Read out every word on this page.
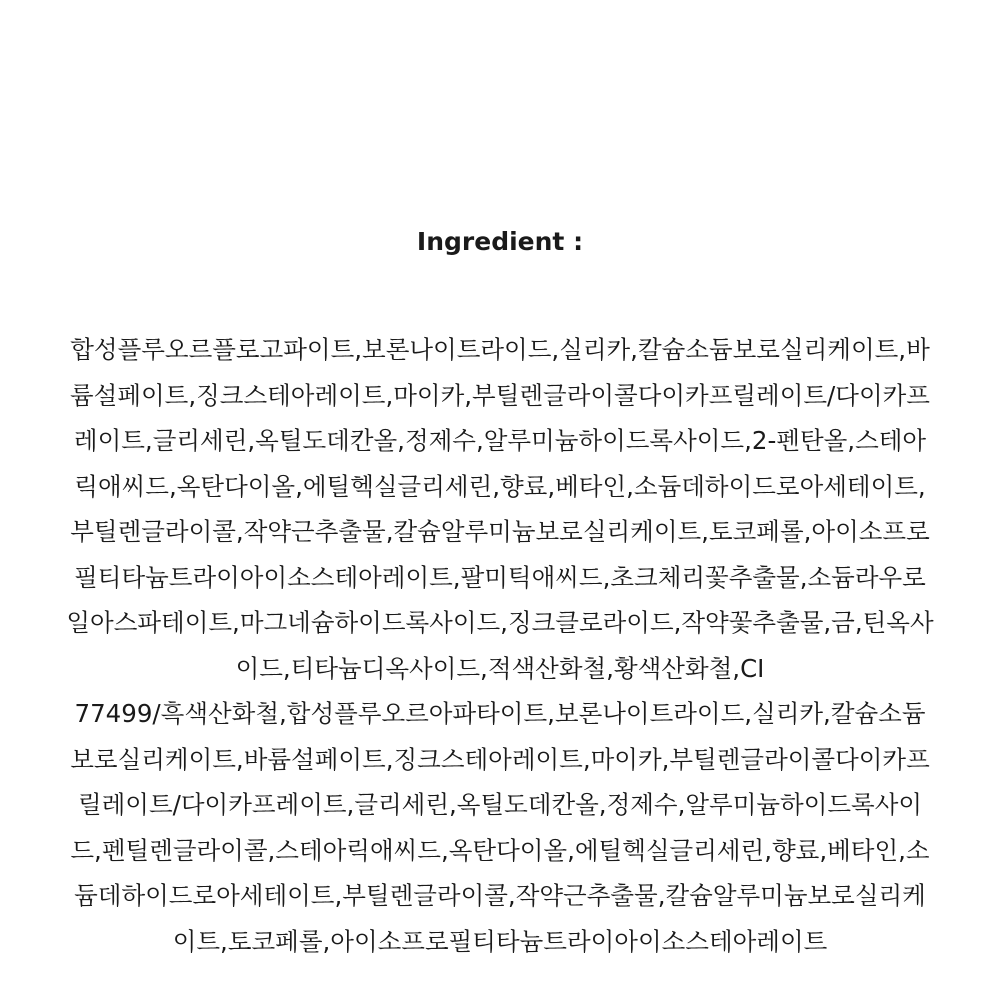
Ingredient :

합성플루오르플로고파이트,보론나이트라이드,실리카,칼슘소듐보로실리케이트,바
륨설페이트,징크스테아레이트,마이카,부틸렌글라이콜다이카프릴레이트/다이카프
레이트,글리세린,옥틸도데칸올,정제수,알루미늄하이드록사이드,2-펜탄올,스테아
릭애씨드,옥탄다이올,에틸헥실글리세린,향료,베타인,소듐데하이드로아세테이트,
부틸렌글라이콜,작약근추출물,칼슘알루미늄보로실리케이트,토코페롤,아이소프로
필티타늄트라이아이소스테아레이트,팔미틱애씨드,초크체리꽃추출물,소듐라우로
일아스파테이트,마그네슘하이드록사이드,징크클로라이드,작약꽃추출물,금,틴옥사
이드,티타늄디옥사이드,적색산화철,황색산화철,CI
77499/흑색산화철,합성플루오르아파타이트,보론나이트라이드,실리카,칼슘소듐
보로실리케이트,바륨설페이트,징크스테아레이트,마이카,부틸렌글라이콜다이카프
릴레이트/다이카프레이트,글리세린,옥틸도데칸올,정제수,알루미늄하이드록사이
드,펜틸렌글라이콜,스테아릭애씨드,옥탄다이올,에틸헥실글리세린,향료,베타인,소
듐데하이드로아세테이트,부틸렌글라이콜,작약근추출물,칼슘알루미늄보로실리케
이트,토코페롤,아이소프로필티타늄트라이아이소스테아레이트
